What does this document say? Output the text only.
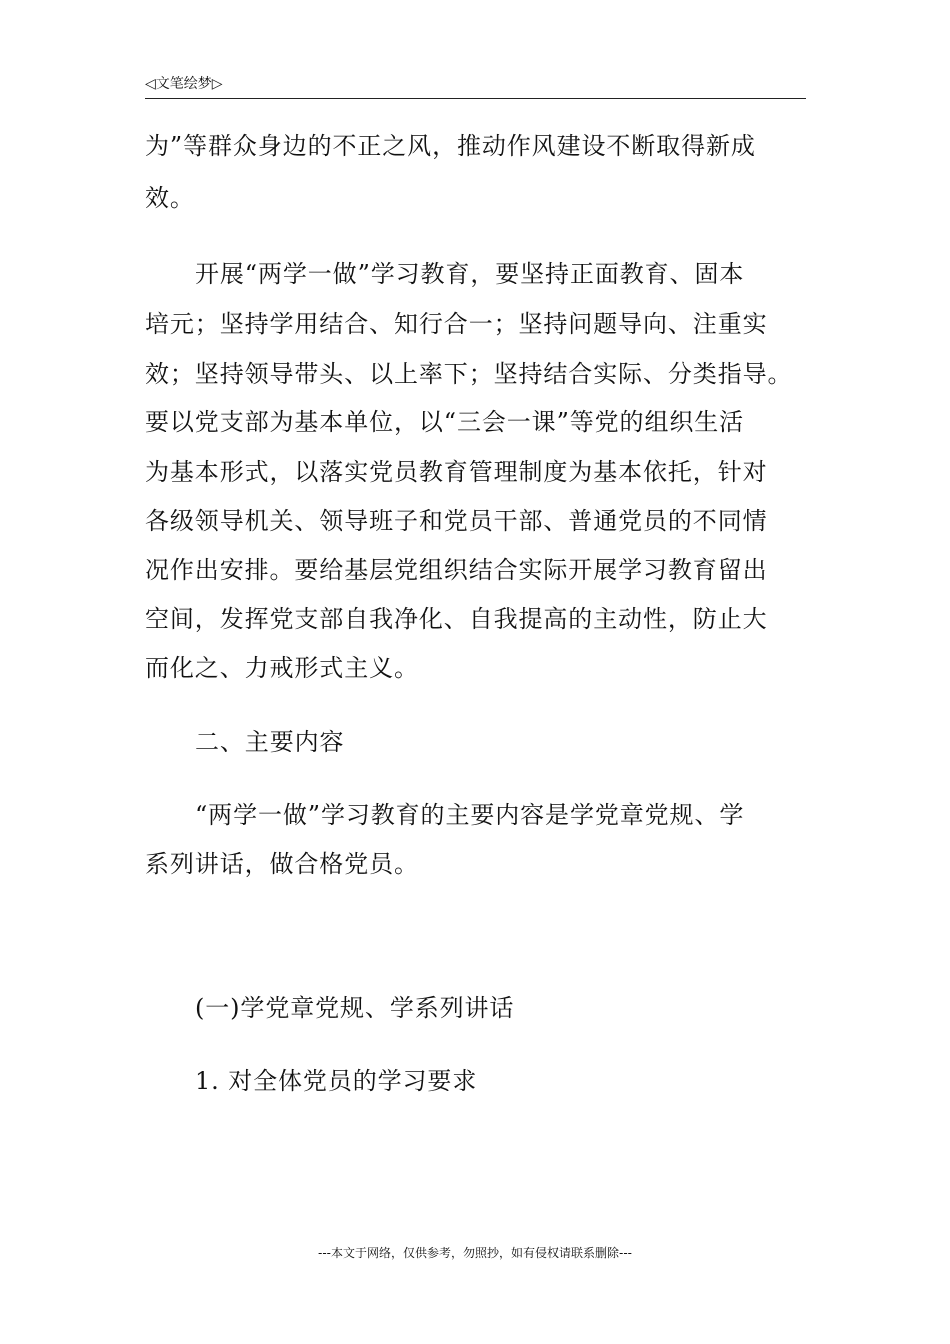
◁文笔绘梦▷
为”等群众身边的不正之风，推动作风建设不断取得新成
效。
开展“两学一做”学习教育，要坚持正面教育、固本
培元；坚持学用结合、知行合一；坚持问题导向、注重实
效；坚持领导带头、以上率下；坚持结合实际、分类指导。
要以党支部为基本单位，以“三会一课”等党的组织生活
为基本形式，以落实党员教育管理制度为基本依托，针对
各级领导机关、领导班子和党员干部、普通党员的不同情
况作出安排。要给基层党组织结合实际开展学习教育留出
空间，发挥党支部自我净化、自我提高的主动性，防止大
而化之、力戒形式主义。
二、主要内容
“两学一做”学习教育的主要内容是学党章党规、学
系列讲话，做合格党员。
(一)学党章党规、学系列讲话
1. 对全体党员的学习要求
---本文于网络，仅供参考，勿照抄，如有侵权请联系删除---
